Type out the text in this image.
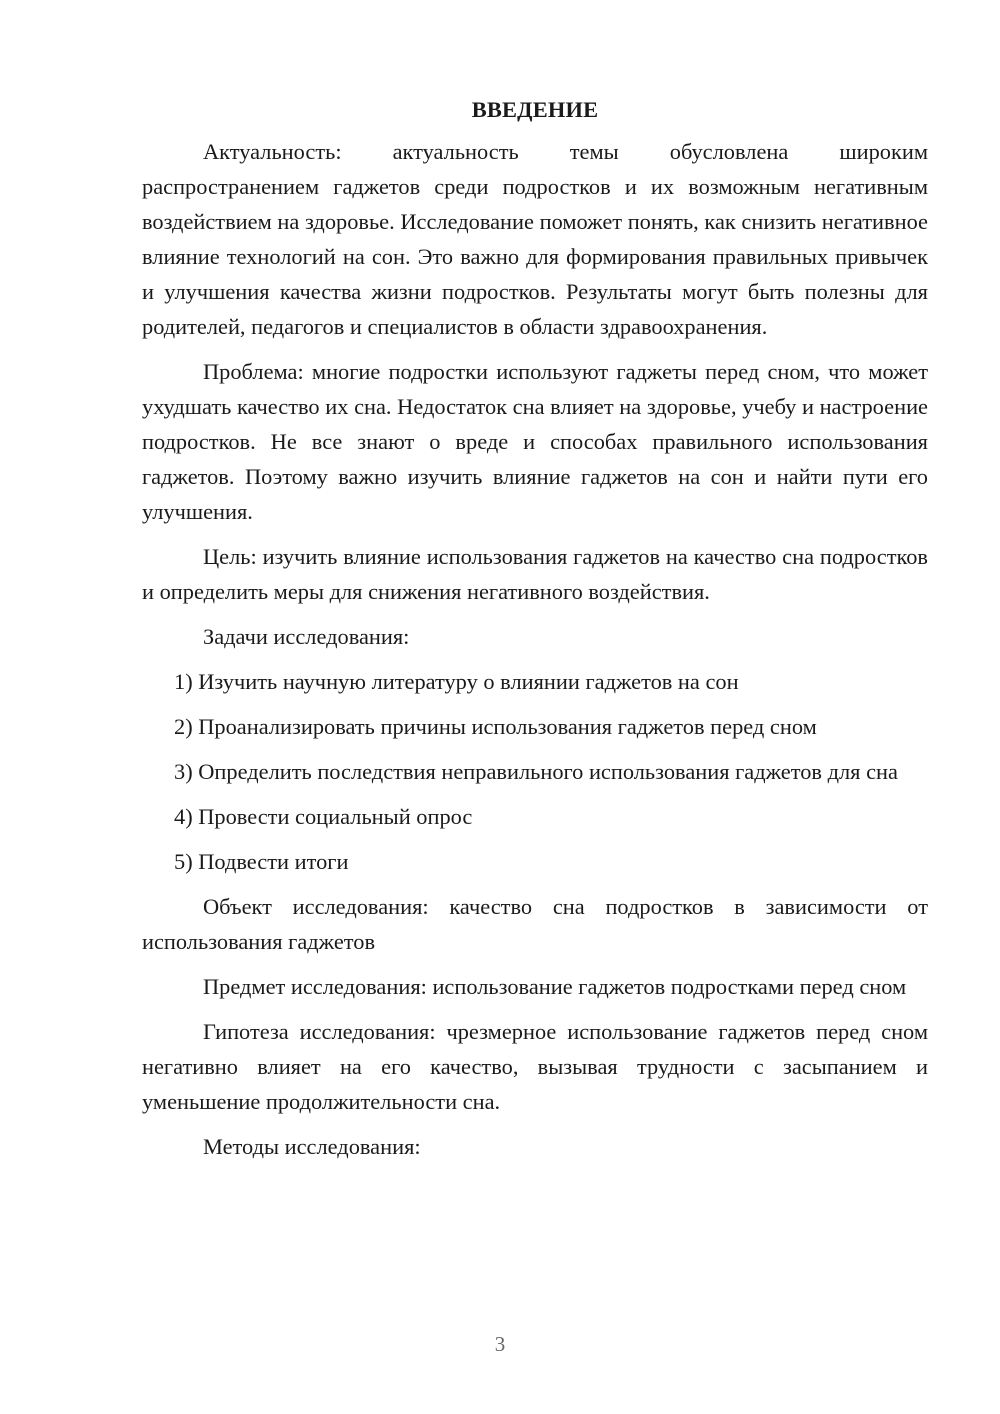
ВВЕДЕНИЕ

Актуальность: актуальность темы обусловлена широким распространением гаджетов среди подростков и их возможным негативным воздействием на здоровье. Исследование поможет понять, как снизить негативное влияние технологий на сон. Это важно для формирования правильных привычек и улучшения качества жизни подростков. Результаты могут быть полезны для родителей, педагогов и специалистов в области здравоохранения.

Проблема: многие подростки используют гаджеты перед сном, что может ухудшать качество их сна. Недостаток сна влияет на здоровье, учебу и настроение подростков. Не все знают о вреде и способах правильного использования гаджетов. Поэтому важно изучить влияние гаджетов на сон и найти пути его улучшения.

Цель: изучить влияние использования гаджетов на качество сна подростков и определить меры для снижения негативного воздействия.

Задачи исследования:

1) Изучить научную литературу о влиянии гаджетов на сон

2) Проанализировать причины использования гаджетов перед сном

3) Определить последствия неправильного использования гаджетов для сна

4) Провести социальный опрос

5) Подвести итоги

Объект исследования: качество сна подростков в зависимости от использования гаджетов

Предмет исследования: использование гаджетов подростками перед сном

Гипотеза исследования: чрезмерное использование гаджетов перед сном негативно влияет на его качество, вызывая трудности с засыпанием и уменьшение продолжительности сна.

Методы исследования:

3
